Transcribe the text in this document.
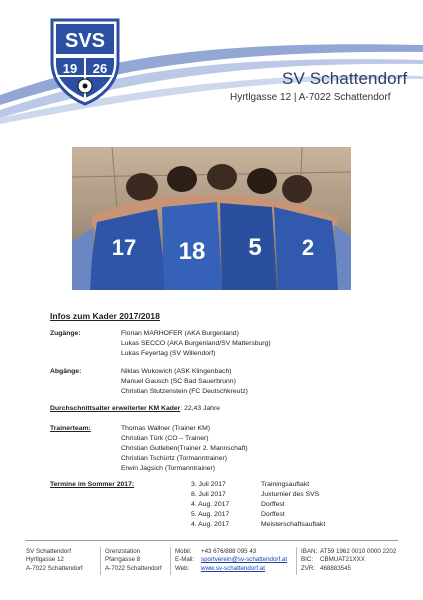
SVS
19 26
SV Schattendorf
Hyrtlgasse 12 | A-7022 Schattendorf
17 18 5 2
Infos zum Kader 2017/2018
Zugänge:	Florian MARHOFER (AKA Burgenland)
Lukas SECCO (AKA Burgenland/SV Mattersburg)
Lukas Feyertag (SV Willendorf)
Abgänge:	Niklas Wukowich (ASK Klingenbach)
Manuel Gausch (SC Bad Sauerbrunn)
Christian Stutzenstein (FC Deutschkreutz)
Durchschnittsalter erweiterter KM Kader: 22,43 Jahre
Trainerteam:	Thomas Wallner (Trainer KM)
Christian Türk (CO – Trainer)
Christian Gutleben(Trainer 2. Mannschaft)
Christian Tschürtz (Tormanntrainer)
Erwin Jagsich (Tormanntrainer)
Termine im Sommer 2017:	3. Juli 2017	Trainingsauftakt
8. Juli 2017	Juxturnier des SVS
4. Aug. 2017	Dorffest
5. Aug. 2017	Dorffest
4. Aug. 2017	Meisterschaftsauftakt
SV Schattendorf
Hyrtlgasse 12
A-7022 Schattendorf
Grenzstation
Pfarrgasse 8
A-7022 Schattendorf
Mobil: +43 676/888 095 43
E-Mail: sportverein@sv-schattendorf.at
Web: www.sv-schattendorf.at
IBAN: AT59 1962 0010 0000 2202
BIC: CBMUAT21XXX
ZVR: 468883545
